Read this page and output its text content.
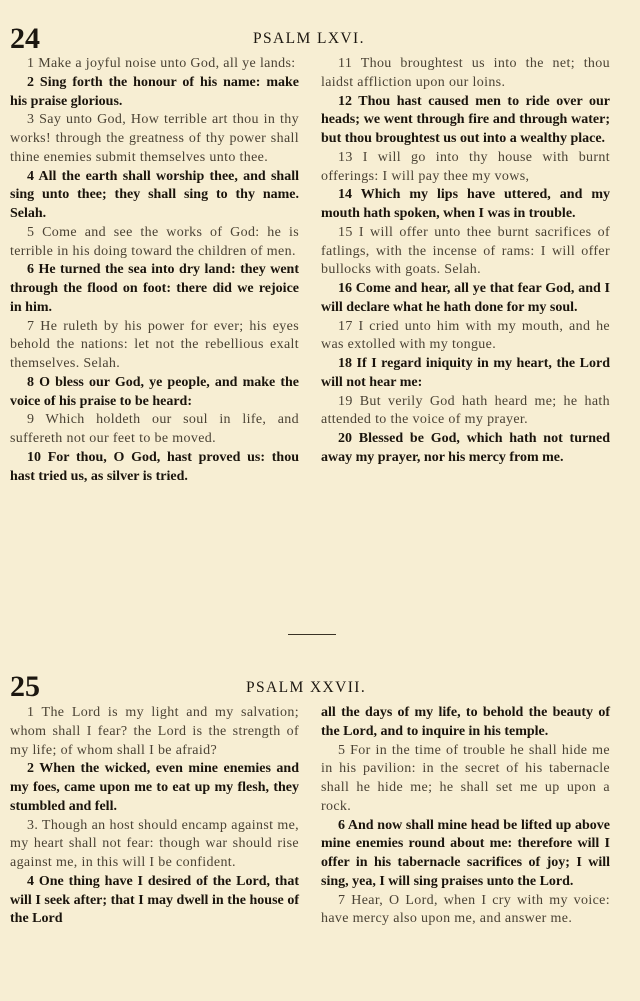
24	PSALM LXVI.

1 Make a joyful noise unto God, all ye lands:

2 Sing forth the honour of his name: make his praise glorious.

3 Say unto God, How terrible art thou in thy works! through the greatness of thy power shall thine enemies submit themselves unto thee.

4 All the earth shall worship thee, and shall sing unto thee; they shall sing to thy name. Selah.

5 Come and see the works of God: he is terrible in his doing toward the children of men.

6 He turned the sea into dry land: they went through the flood on foot: there did we rejoice in him.

7 He ruleth by his power for ever; his eyes behold the nations: let not the rebellious exalt themselves. Selah.

8 O bless our God, ye people, and make the voice of his praise to be heard:

9 Which holdeth our soul in life, and suffereth not our feet to be moved.

10 For thou, O God, hast proved us: thou hast tried us, as silver is tried.

11 Thou broughtest us into the net; thou laidst affliction upon our loins.

12 Thou hast caused men to ride over our heads; we went through fire and through water; but thou broughtest us out into a wealthy place.

13 I will go into thy house with burnt offerings: I will pay thee my vows,

14 Which my lips have uttered, and my mouth hath spoken, when I was in trouble.

15 I will offer unto thee burnt sacrifices of fatlings, with the incense of rams: I will offer bullocks with goats. Selah.

16 Come and hear, all ye that fear God, and I will declare what he hath done for my soul.

17 I cried unto him with my mouth, and he was extolled with my tongue.

18 If I regard iniquity in my heart, the Lord will not hear me:

19 But verily God hath heard me; he hath attended to the voice of my prayer.

20 Blessed be God, which hath not turned away my prayer, nor his mercy from me.

25	PSALM XXVII.

1 The Lord is my light and my salvation; whom shall I fear? the Lord is the strength of my life; of whom shall I be afraid?

2 When the wicked, even mine enemies and my foes, came upon me to eat up my flesh, they stumbled and fell.

3. Though an host should encamp against me, my heart shall not fear: though war should rise against me, in this will I be confident.

4 One thing have I desired of the Lord, that will I seek after; that I may dwell in the house of the Lord

all the days of my life, to behold the beauty of the Lord, and to inquire in his temple.

5 For in the time of trouble he shall hide me in his pavilion: in the secret of his tabernacle shall he hide me; he shall set me up upon a rock.

6 And now shall mine head be lifted up above mine enemies round about me: therefore will I offer in his tabernacle sacrifices of joy; I will sing, yea, I will sing praises unto the Lord.

7 Hear, O Lord, when I cry with my voice: have mercy also upon me, and answer me.
